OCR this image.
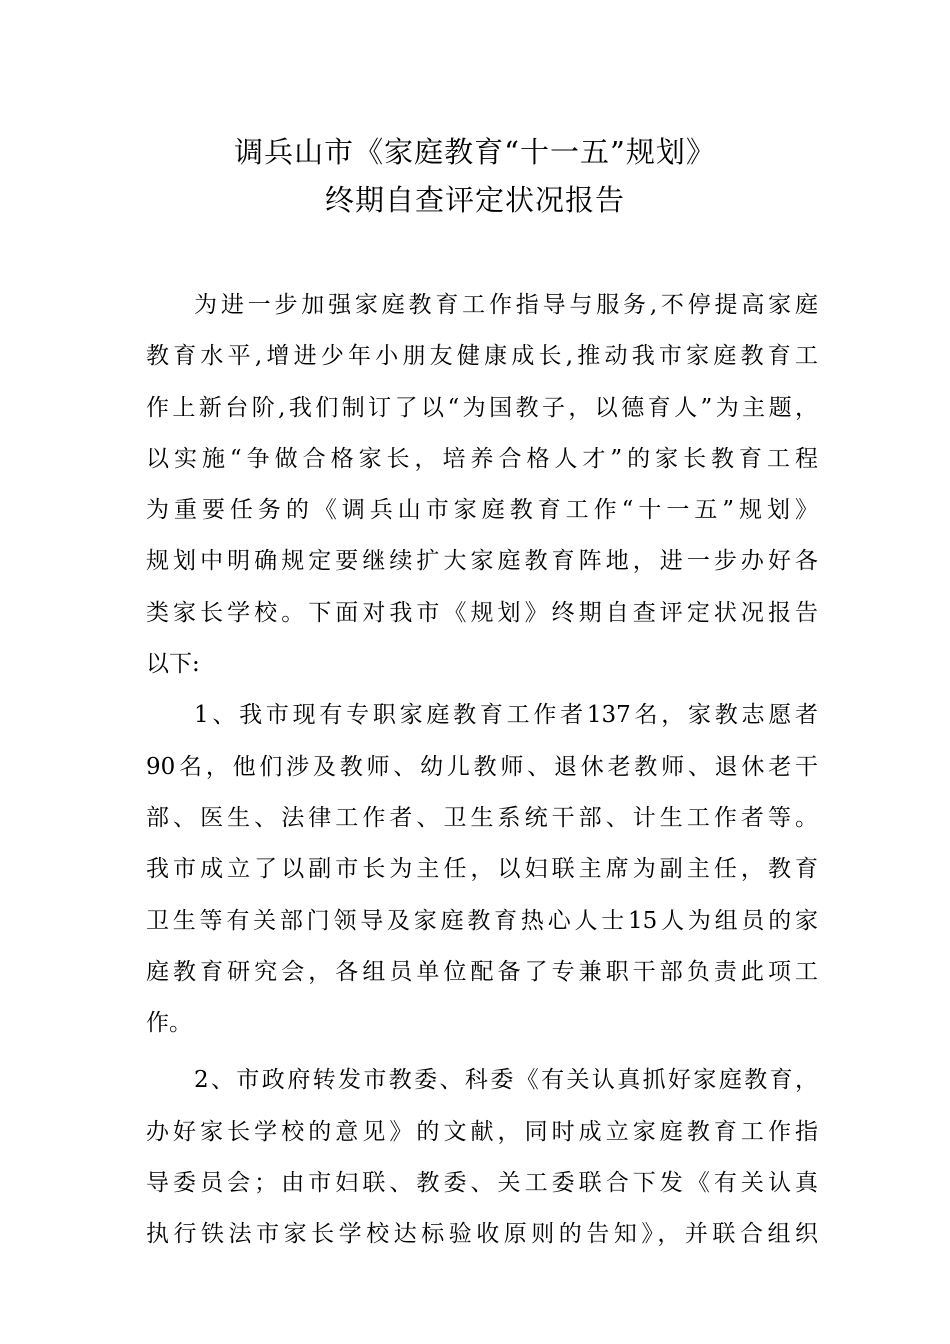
调兵山市《家庭教育“十一五”规划》
终期自查评定状况报告
为进一步加强家庭教育工作指导与服务,不停提高家庭
教育水平,增进少年小朋友健康成长,推动我市家庭教育工
作上新台阶,我们制订了以“为国教子，以德育人”为主题，
以实施“争做合格家长，培养合格人才”的家长教育工程
为重要任务的《调兵山市家庭教育工作“十一五”规划》
规划中明确规定要继续扩大家庭教育阵地，进一步办好各
类家长学校。下面对我市《规划》终期自查评定状况报告
以下:
1、我市现有专职家庭教育工作者137名，家教志愿者
90名，他们涉及教师、幼儿教师、退休老教师、退休老干
部、医生、法律工作者、卫生系统干部、计生工作者等。
我市成立了以副市长为主任，以妇联主席为副主任，教育
卫生等有关部门领导及家庭教育热心人士15人为组员的家
庭教育研究会，各组员单位配备了专兼职干部负责此项工
作。
2、市政府转发市教委、科委《有关认真抓好家庭教育，
办好家长学校的意见》的文献，同时成立家庭教育工作指
导委员会；由市妇联、教委、关工委联合下发《有关认真
执行铁法市家长学校达标验收原则的告知》，并联合组织
